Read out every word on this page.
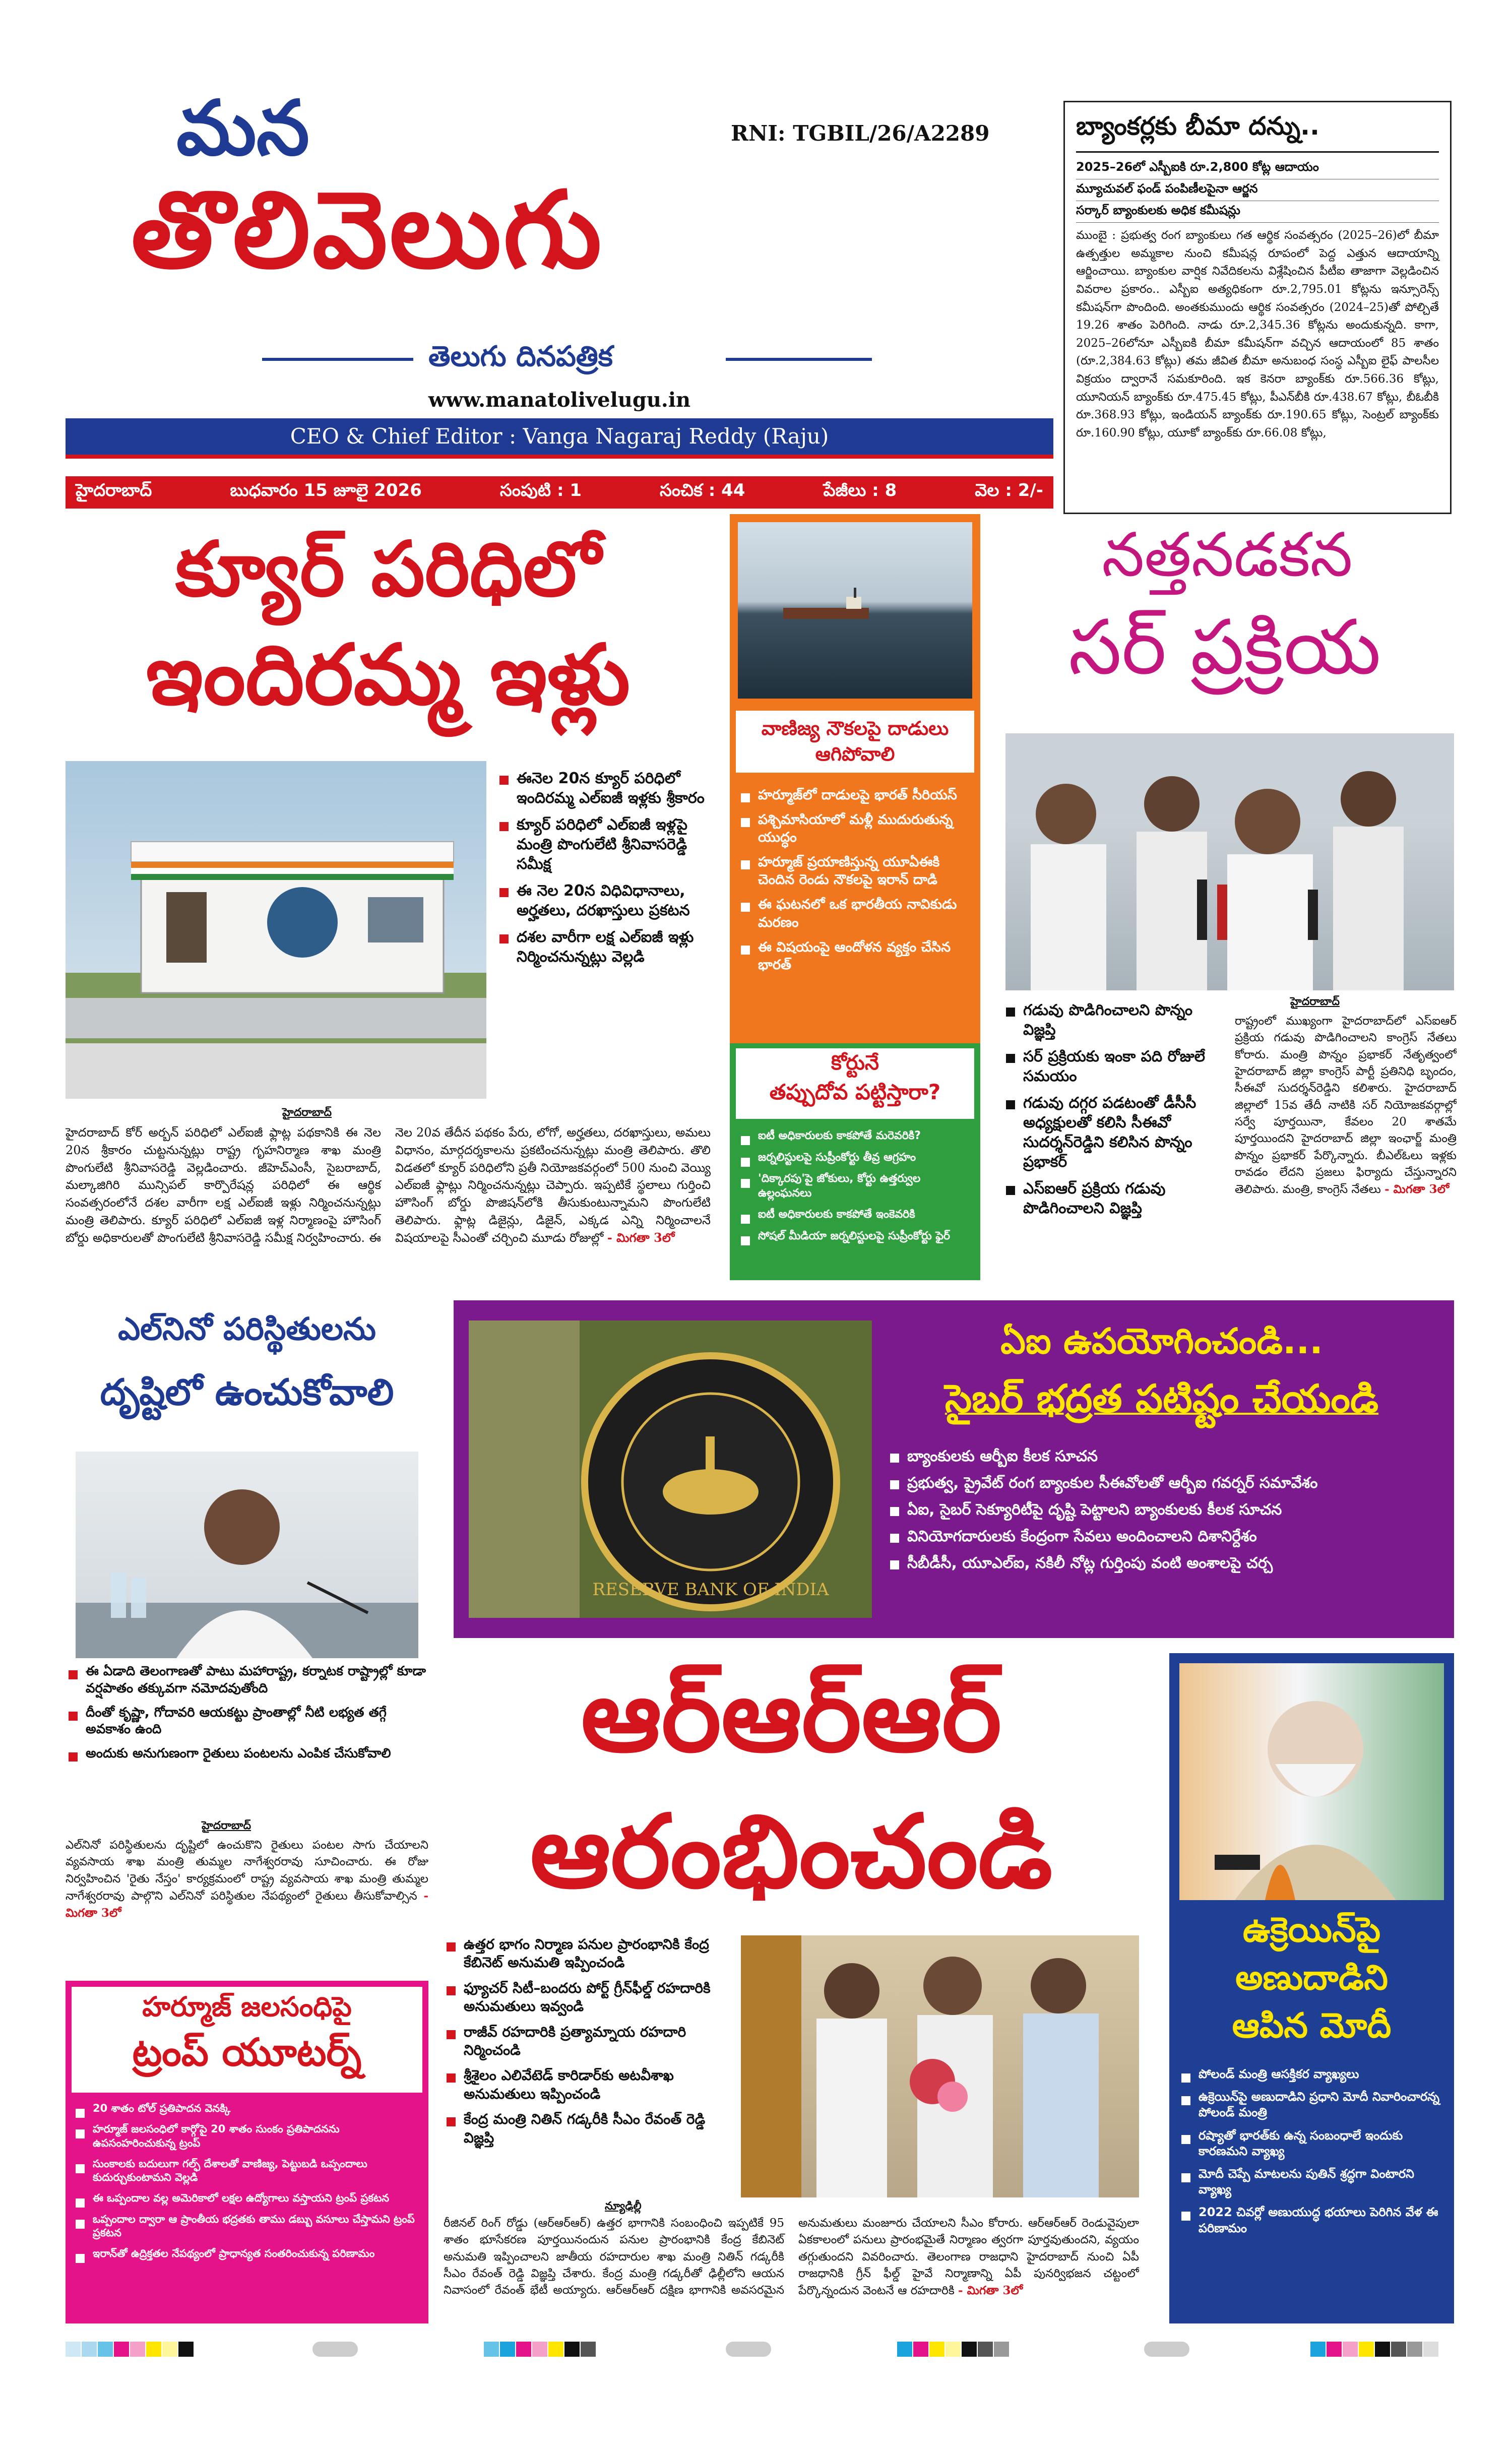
మన	RNI: TGBIL/26/A2289
తొలివెలుగు
తెలుగు దినపత్రిక
www.manatolivelugu.in
CEO & Chief Editor : Vanga Nagaraj Reddy (Raju)
హైదరాబాద్	బుధవారం 15 జూలై 2026	సంపుటి : 1	సంచిక : 44	పేజీలు : 8	వెల : 2/-
బ్యాంకర్లకు బీమా దన్ను..
2025–26లో ఎస్బీఐకి రూ.2,800 కోట్ల ఆదాయం
మ్యూచువల్ ఫండ్ పంపిణీలపైనా ఆర్జన
సర్కార్ బ్యాంకులకు అధిక కమీషన్లు
ముంబై : ప్రభుత్వ రంగ బ్యాంకులు గత ఆర్థిక సంవత్సరం (2025–26)లో బీమా ఉత్పత్తుల అమ్మకాల నుంచి కమీషన్ల రూపంలో పెద్ద ఎత్తున ఆదాయాన్ని ఆర్జించాయి. బ్యాంకుల వార్షిక నివేదికలను విశ్లేషించిన పీటీఐ తాజాగా వెల్లడించిన వివరాల ప్రకారం.. ఎస్బీఐ అత్యధికంగా రూ.2,795.01 కోట్లను ఇన్సూరెన్స్ కమీషన్‌గా పొందింది. అంతకుముందు ఆర్థిక సంవత్సరం (2024–25)తో పోల్చితే 19.26 శాతం పెరిగింది. నాడు రూ.2,345.36 కోట్లను అందుకున్నది. కాగా, 2025–26లోనూ ఎస్బీఐకి బీమా కమీషన్‌గా వచ్చిన ఆదాయంలో 85 శాతం (రూ.2,384.63 కోట్లు) తమ జీవిత బీమా అనుబంధ సంస్థ ఎస్బీఐ లైఫ్ పాలసీల విక్రయం ద్వారానే సమకూరింది. ఇక కెనరా బ్యాంక్‌కు రూ.566.36 కోట్లు, యూనియన్ బ్యాంక్‌కు రూ.475.45 కోట్లు, పీఎన్‌బీకి రూ.438.67 కోట్లు, బీఓబీకి రూ.368.93 కోట్లు, ఇండియన్ బ్యాంక్‌కు రూ.190.65 కోట్లు, సెంట్రల్ బ్యాంక్‌కు రూ.160.90 కోట్లు, యూకో బ్యాంక్‌కు రూ.66.08 కోట్లు,
క్యూర్ పరిధిలో
ఇందిరమ్మ ఇళ్లు
ఈనెల 20న క్యూర్ పరిధిలో ఇందిరమ్మ ఎల్ఐజీ ఇళ్లకు శ్రీకారం
క్యూర్ పరిధిలో ఎల్ఐజీ ఇళ్లపై మంత్రి పొంగులేటి శ్రీనివాసరెడ్డి సమీక్ష
ఈ నెల 20న విధివిధానాలు, అర్హతలు, దరఖాస్తులు ప్రకటన
దశల వారీగా లక్ష ఎల్ఐజీ ఇళ్లు నిర్మించనున్నట్లు వెల్లడి
హైదరాబాద్
హైదరాబాద్ కోర్ అర్బన్ పరిధిలో ఎల్ఐజీ ఫ్లాట్ల పథకానికి ఈ నెల 20న శ్రీకారం చుట్టనున్నట్లు రాష్ట్ర గృహనిర్మాణ శాఖ మంత్రి పొంగులేటి శ్రీనివాసరెడ్డి వెల్లడించారు. జీహెచ్ఎంసీ, సైబరాబాద్, మల్కాజిగిరి మున్సిపల్ కార్పొరేషన్ల పరిధిలో ఈ ఆర్థిక సంవత్సరంలోనే దశల వారీగా లక్ష ఎల్ఐజీ ఇళ్లు నిర్మించనున్నట్లు మంత్రి తెలిపారు. క్యూర్ పరిధిలో ఎల్ఐజీ ఇళ్ల నిర్మాణంపై హౌసింగ్ బోర్డు అధికారులతో పొంగులేటి శ్రీనివాసరెడ్డి సమీక్ష నిర్వహించారు. ఈ నెల 20వ తేదీన పథకం పేరు, లోగో, అర్హతలు, దరఖాస్తులు, అమలు విధానం, మార్గదర్శకాలను ప్రకటించనున్నట్లు మంత్రి తెలిపారు. తొలి విడతలో క్యూర్ పరిధిలోని ప్రతీ నియోజకవర్గంలో 500 నుంచి వెయ్యి ఎల్ఐజీ ఫ్లాట్లు నిర్మించనున్నట్లు చెప్పారు. ఇప్పటికే స్థలాలు గుర్తించి హౌసింగ్ బోర్డు పొజిషన్‌లోకి తీసుకుంటున్నామని పొంగులేటి తెలిపారు. ఫ్లాట్ల డిజైన్లు, డిజైన్, ఎక్కడ ఎన్ని నిర్మించాలనే విషయాలపై సీఎంతో చర్చించి మూడు రోజుల్లో - మిగతా 3లో
వాణిజ్య నౌకలపై దాడులు ఆగిపోవాలి
హర్మూజ్‌లో దాడులపై భారత్ సీరియస్
పశ్చిమాసియాలో మళ్లీ ముదురుతున్న యుద్ధం
హర్మూజ్ ప్రయాణిస్తున్న యూఏఈకి చెందిన రెండు నౌకలపై ఇరాన్ దాడి
ఈ ఘటనలో ఒక భారతీయ నావికుడు మరణం
ఈ విషయంపై ఆందోళన వ్యక్తం చేసిన భారత్
కోర్టునే
తప్పుదోవ పట్టిస్తారా?
ఐటీ అధికారులకు కాకపోతే మరెవరికి?
జర్నలిస్టులపై సుప్రీంకోర్టు తీవ్ర ఆగ్రహం
'దిక్కారపు'పై జోకులు, కోర్టు ఉత్తర్వుల ఉల్లంఘనలు
ఐటీ అధికారులకు కాకపోతే ఇంకెవరికి
సోషల్ మీడియా జర్నలిస్టులపై సుప్రీంకోర్టు ఫైర్
నత్తనడకన
సర్ ప్రక్రియ
గడువు పొడిగించాలని పొన్నం విజ్ఞప్తి
సర్ ప్రక్రియకు ఇంకా పది రోజులే సమయం
గడువు దగ్గర పడటంతో డీసీసీ అధ్యక్షులతో కలిసి సీఈవో సుదర్శన్‌రెడ్డిని కలిసిన పొన్నం ప్రభాకర్
ఎస్ఐఆర్ ప్రక్రియ గడువు పొడిగించాలని విజ్ఞప్తి
హైదరాబాద్
రాష్ట్రంలో ముఖ్యంగా హైదరాబాద్‌లో ఎస్ఐఆర్ ప్రక్రియ గడువు పొడిగించాలని కాంగ్రెస్ నేతలు కోరారు. మంత్రి పొన్నం ప్రభాకర్ నేతృత్వంలో హైదరాబాద్ జిల్లా కాంగ్రెస్ పార్టీ ప్రతినిధి బృందం, సీఈవో సుదర్శన్‌రెడ్డిని కలిశారు. హైదరాబాద్ జిల్లాలో 15వ తేదీ నాటికి సర్ నియోజకవర్గాల్లో సర్వే పూర్తయినా, కేవలం 20 శాతమే పూర్తయిందని హైదరాబాద్ జిల్లా ఇంఛార్జ్ మంత్రి పొన్నం ప్రభాకర్ పేర్కొన్నారు. బీఎల్ఓలు ఇళ్లకు రావడం లేదని ప్రజలు ఫిర్యాదు చేస్తున్నారని తెలిపారు. మంత్రి, కాంగ్రెస్ నేతలు - మిగతా 3లో
ఎల్‌నినో పరిస్థితులను
దృష్టిలో ఉంచుకోవాలి
ఈ ఏడాది తెలంగాణతో పాటు మహారాష్ట్ర, కర్నాటక రాష్ట్రాల్లో కూడా వర్షపాతం తక్కువగా నమోదవుతోంది
దీంతో కృష్ణా, గోదావరి ఆయకట్టు ప్రాంతాల్లో నీటి లభ్యత తగ్గే అవకాశం ఉంది
అందుకు అనుగుణంగా రైతులు పంటలను ఎంపిక చేసుకోవాలి
హైదరాబాద్
ఎల్‌నినో పరిస్థితులను దృష్టిలో ఉంచుకొని రైతులు పంటల సాగు చేయాలని వ్యవసాయ శాఖ మంత్రి తుమ్మల నాగేశ్వరరావు సూచించారు. ఈ రోజు నిర్వహించిన 'రైతు నేస్తం' కార్యక్రమంలో రాష్ట్ర వ్యవసాయ శాఖ మంత్రి తుమ్మల నాగేశ్వరరావు పాల్గొని ఎల్‌నినో పరిస్థితుల నేపథ్యంలో రైతులు తీసుకోవాల్సిన - మిగతా 3లో
RESERVE BANK OF INDIA
ఏఐ ఉపయోగించండి...
సైబర్ భద్రత పటిష్టం చేయండి
బ్యాంకులకు ఆర్బీఐ కీలక సూచన
ప్రభుత్వ, ప్రైవేట్ రంగ బ్యాంకుల సీఈవోలతో ఆర్బీఐ గవర్నర్ సమావేశం
ఏఐ, సైబర్ సెక్యూరిటీపై దృష్టి పెట్టాలని బ్యాంకులకు కీలక సూచన
వినియోగదారులకు కేంద్రంగా సేవలు అందించాలని దిశానిర్దేశం
సీబీడీసీ, యూఎల్ఐ, నకిలీ నోట్ల గుర్తింపు వంటి అంశాలపై చర్చ
ఆర్‌ఆర్‌ఆర్
ఆరంభించండి
ఉత్తర భాగం నిర్మాణ పనుల ప్రారంభానికి కేంద్ర కేబినెట్ అనుమతి ఇప్పించండి
ఫ్యూచర్ సిటీ–బందరు పోర్ట్ గ్రీన్‌ఫీల్డ్ రహదారికి అనుమతులు ఇవ్వండి
రాజీవ్ రహదారికి ప్రత్యామ్నాయ రహదారి నిర్మించండి
శ్రీశైలం ఎలివేటెడ్ కారిడార్‌కు అటవీశాఖ అనుమతులు ఇప్పించండి
కేంద్ర మంత్రి నితిన్ గడ్కరీకి సీఎం రేవంత్ రెడ్డి విజ్ఞప్తి
న్యూఢిల్లీ
రీజినల్ రింగ్ రోడ్డు (ఆర్ఆర్ఆర్) ఉత్తర భాగానికి సంబంధించి ఇప్పటికే 95 శాతం భూసేకరణ పూర్తయినందున పనుల ప్రారంభానికి కేంద్ర కేబినెట్ అనుమతి ఇప్పించాలని జాతీయ రహదారుల శాఖ మంత్రి నితిన్ గడ్కరీకి సీఎం రేవంత్ రెడ్డి విజ్ఞప్తి చేశారు. కేంద్ర మంత్రి గడ్కరీతో ఢిల్లీలోని ఆయన నివాసంలో రేవంత్ భేటీ అయ్యారు. ఆర్ఆర్ఆర్ దక్షిణ భాగానికి అవసరమైన అనుమతులు మంజూరు చేయాలని సీఎం కోరారు. ఆర్ఆర్ఆర్ రెండువైపులా ఏకకాలంలో పనులు ప్రారంభమైతే నిర్మాణం త్వరగా పూర్తవుతుందని, వ్యయం తగ్గుతుందని వివరించారు. తెలంగాణ రాజధాని హైదరాబాద్ నుంచి ఏపీ రాజధానికి గ్రీన్ ఫీల్డ్ హైవే నిర్మాణాన్ని ఏపీ పునర్విభజన చట్టంలో పేర్కొన్నందున వెంటనే ఆ రహదారికి - మిగతా 3లో
హర్మూజ్ జలసంధిపై
ట్రంప్ యూటర్న్
20 శాతం టోల్ ప్రతిపాదన వెనక్కి
హర్మూజ్ జలసంధిలో కార్గోపై 20 శాతం సుంకం ప్రతిపాదనను ఉపసంహరించుకున్న ట్రంప్
సుంకాలకు బదులుగా గల్ఫ్ దేశాలతో వాణిజ్య, పెట్టుబడి ఒప్పందాలు కుదుర్చుకుంటామని వెల్లడి
ఈ ఒప్పందాల వల్ల అమెరికాలో లక్షల ఉద్యోగాలు వస్తాయని ట్రంప్ ప్రకటన
ఒప్పందాల ద్వారా ఆ ప్రాంతీయ భద్రతకు తాము డబ్బు వసూలు చేస్తామని ట్రంప్ ప్రకటన
ఇరాన్‌తో ఉద్రిక్తతల నేపథ్యంలో ప్రాధాన్యత సంతరించుకున్న పరిణామం
ఉక్రెయిన్‌పై
అణుదాడిని
ఆపిన మోదీ
పోలండ్ మంత్రి ఆసక్తికర వ్యాఖ్యలు
ఉక్రెయిన్‌పై అణుదాడిని ప్రధాని మోదీ నివారించారన్న పోలండ్ మంత్రి
రష్యాతో భారత్‌కు ఉన్న సంబంధాలే ఇందుకు కారణమని వ్యాఖ్య
మోదీ చెప్పే మాటలను పుతిన్ శ్రద్ధగా వింటారని వ్యాఖ్య
2022 చివర్లో అణుయుద్ధ భయాలు పెరిగిన వేళ ఈ పరిణామం
